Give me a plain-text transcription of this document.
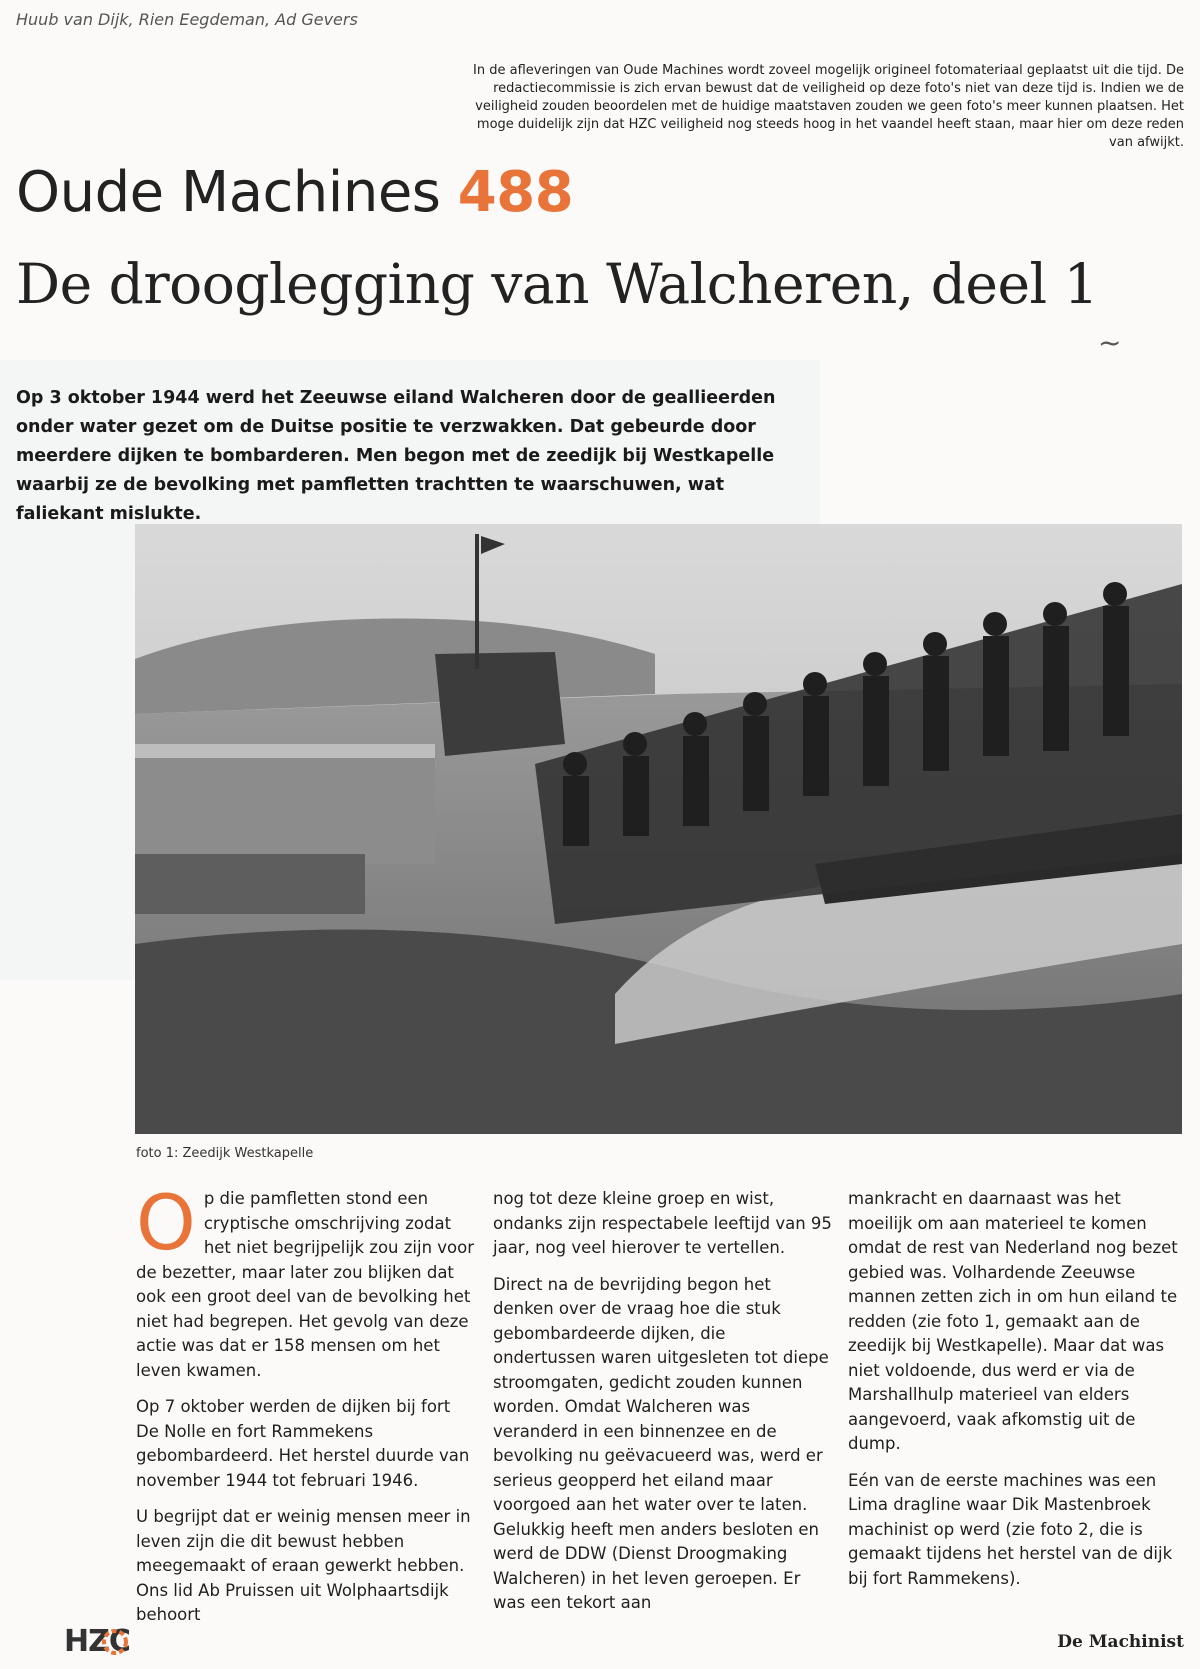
Huub van Dijk, Rien Eegdeman, Ad Gevers
In de afleveringen van Oude Machines wordt zoveel mogelijk origineel fotomateriaal geplaatst uit die tijd. De redactiecommissie is zich ervan bewust dat de veiligheid op deze foto's niet van deze tijd is. Indien we de veiligheid zouden beoordelen met de huidige maatstaven zouden we geen foto's meer kunnen plaatsen. Het moge duidelijk zijn dat HZC veiligheid nog steeds hoog in het vaandel heeft staan, maar hier om deze reden van afwijkt.
Oude Machines 488
De drooglegging van Walcheren, deel 1
~
Op 3 oktober 1944 werd het Zeeuwse eiland Walcheren door de geallieerden onder water gezet om de Duitse positie te verzwakken. Dat gebeurde door meerdere dijken te bombarderen. Men begon met de zeedijk bij Westkapelle waarbij ze de bevolking met pamfletten trachtten te waarschuwen, wat faliekant mislukte.
foto 1: Zeedijk Westkapelle

Op die pamfletten stond een cryptische omschrijving zodat het niet begrijpelijk zou zijn voor de bezetter, maar later zou blijken dat ook een groot deel van de bevolking het niet had begrepen. Het gevolg van deze actie was dat er 158 mensen om het leven kwamen.

Op 7 oktober werden de dijken bij fort De Nolle en fort Rammekens gebombardeerd. Het herstel duurde van november 1944 tot februari 1946.

U begrijpt dat er weinig mensen meer in leven zijn die dit bewust hebben meegemaakt of eraan gewerkt hebben. Ons lid Ab Pruissen uit Wolphaartsdijk behoort

nog tot deze kleine groep en wist, ondanks zijn respectabele leeftijd van 95 jaar, nog veel hierover te vertellen.

Direct na de bevrijding begon het denken over de vraag hoe die stuk gebombardeerde dijken, die ondertussen waren uitgesleten tot diepe stroomgaten, gedicht zouden kunnen worden. Omdat Walcheren was veranderd in een binnenzee en de bevolking nu geëvacueerd was, werd er serieus geopperd het eiland maar voorgoed aan het water over te laten. Gelukkig heeft men anders besloten en werd de DDW (Dienst Droogmaking Walcheren) in het leven geroepen. Er was een tekort aan

mankracht en daarnaast was het moeilijk om aan materieel te komen omdat de rest van Nederland nog bezet gebied was. Volhardende Zeeuwse mannen zetten zich in om hun eiland te redden (zie foto 1, gemaakt aan de zeedijk bij Westkapelle). Maar dat was niet voldoende, dus werd er via de Marshallhulp materieel van elders aangevoerd, vaak afkomstig uit de dump.

Eén van de eerste machines was een Lima dragline waar Dik Mastenbroek machinist op werd (zie foto 2, die is gemaakt tijdens het herstel van de dijk bij fort Rammekens).

HZC	De Machinist
